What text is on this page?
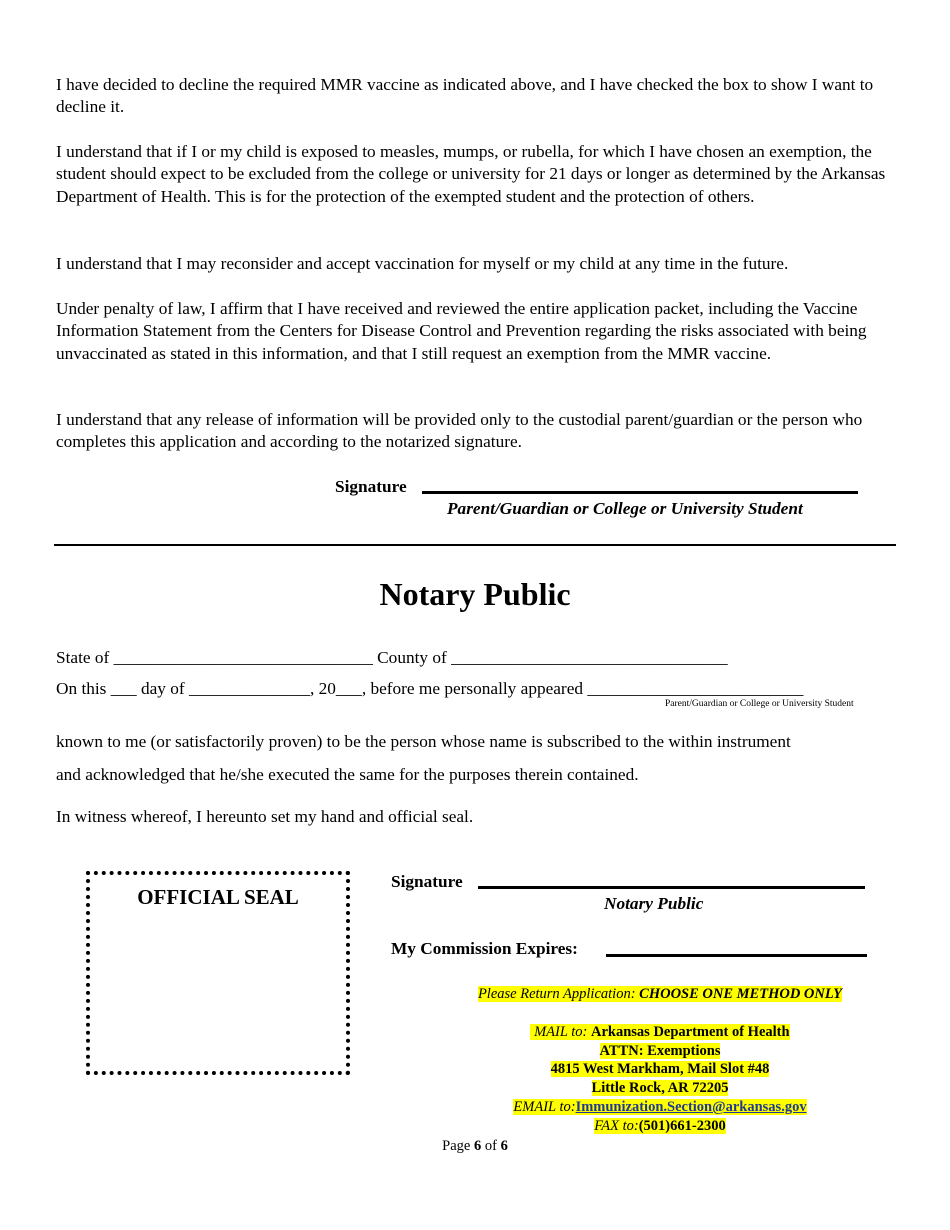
I have decided to decline the required MMR vaccine as indicated above, and I have checked the box to show I want to decline it.

I understand that if I or my child is exposed to measles, mumps, or rubella, for which I have chosen an exemption, the student should expect to be excluded from the college or university for 21 days or longer as determined by the Arkansas Department of Health. This is for the protection of the exempted student and the protection of others.

I understand that I may reconsider and accept vaccination for myself or my child at any time in the future.

Under penalty of law, I affirm that I have received and reviewed the entire application packet, including the Vaccine Information Statement from the Centers for Disease Control and Prevention regarding the risks associated with being unvaccinated as stated in this information, and that I still request an exemption from the MMR vaccine.

I understand that any release of information will be provided only to the custodial parent/guardian or the person who completes this application and according to the notarized signature.

Signature
Parent/Guardian or College or University Student
Notary Public
State of ______________________________ County of ________________________________
On this ___ day of ______________, 20___, before me personally appeared _________________________
Parent/Guardian or College or University Student

known to me (or satisfactorily proven) to be the person whose name is subscribed to the within instrument

and acknowledged that he/she executed the same for the purposes therein contained.

In witness whereof, I hereunto set my hand and official seal.

OFFICIAL SEAL
Signature
Notary Public
My Commission Expires:
Please Return Application: CHOOSE ONE METHOD ONLY
MAIL to: Arkansas Department of Health
ATTN: Exemptions
4815 West Markham, Mail Slot #48
Little Rock, AR 72205
EMAIL to:Immunization.Section@arkansas.gov
FAX to:(501)661-2300
Page 6 of 6
